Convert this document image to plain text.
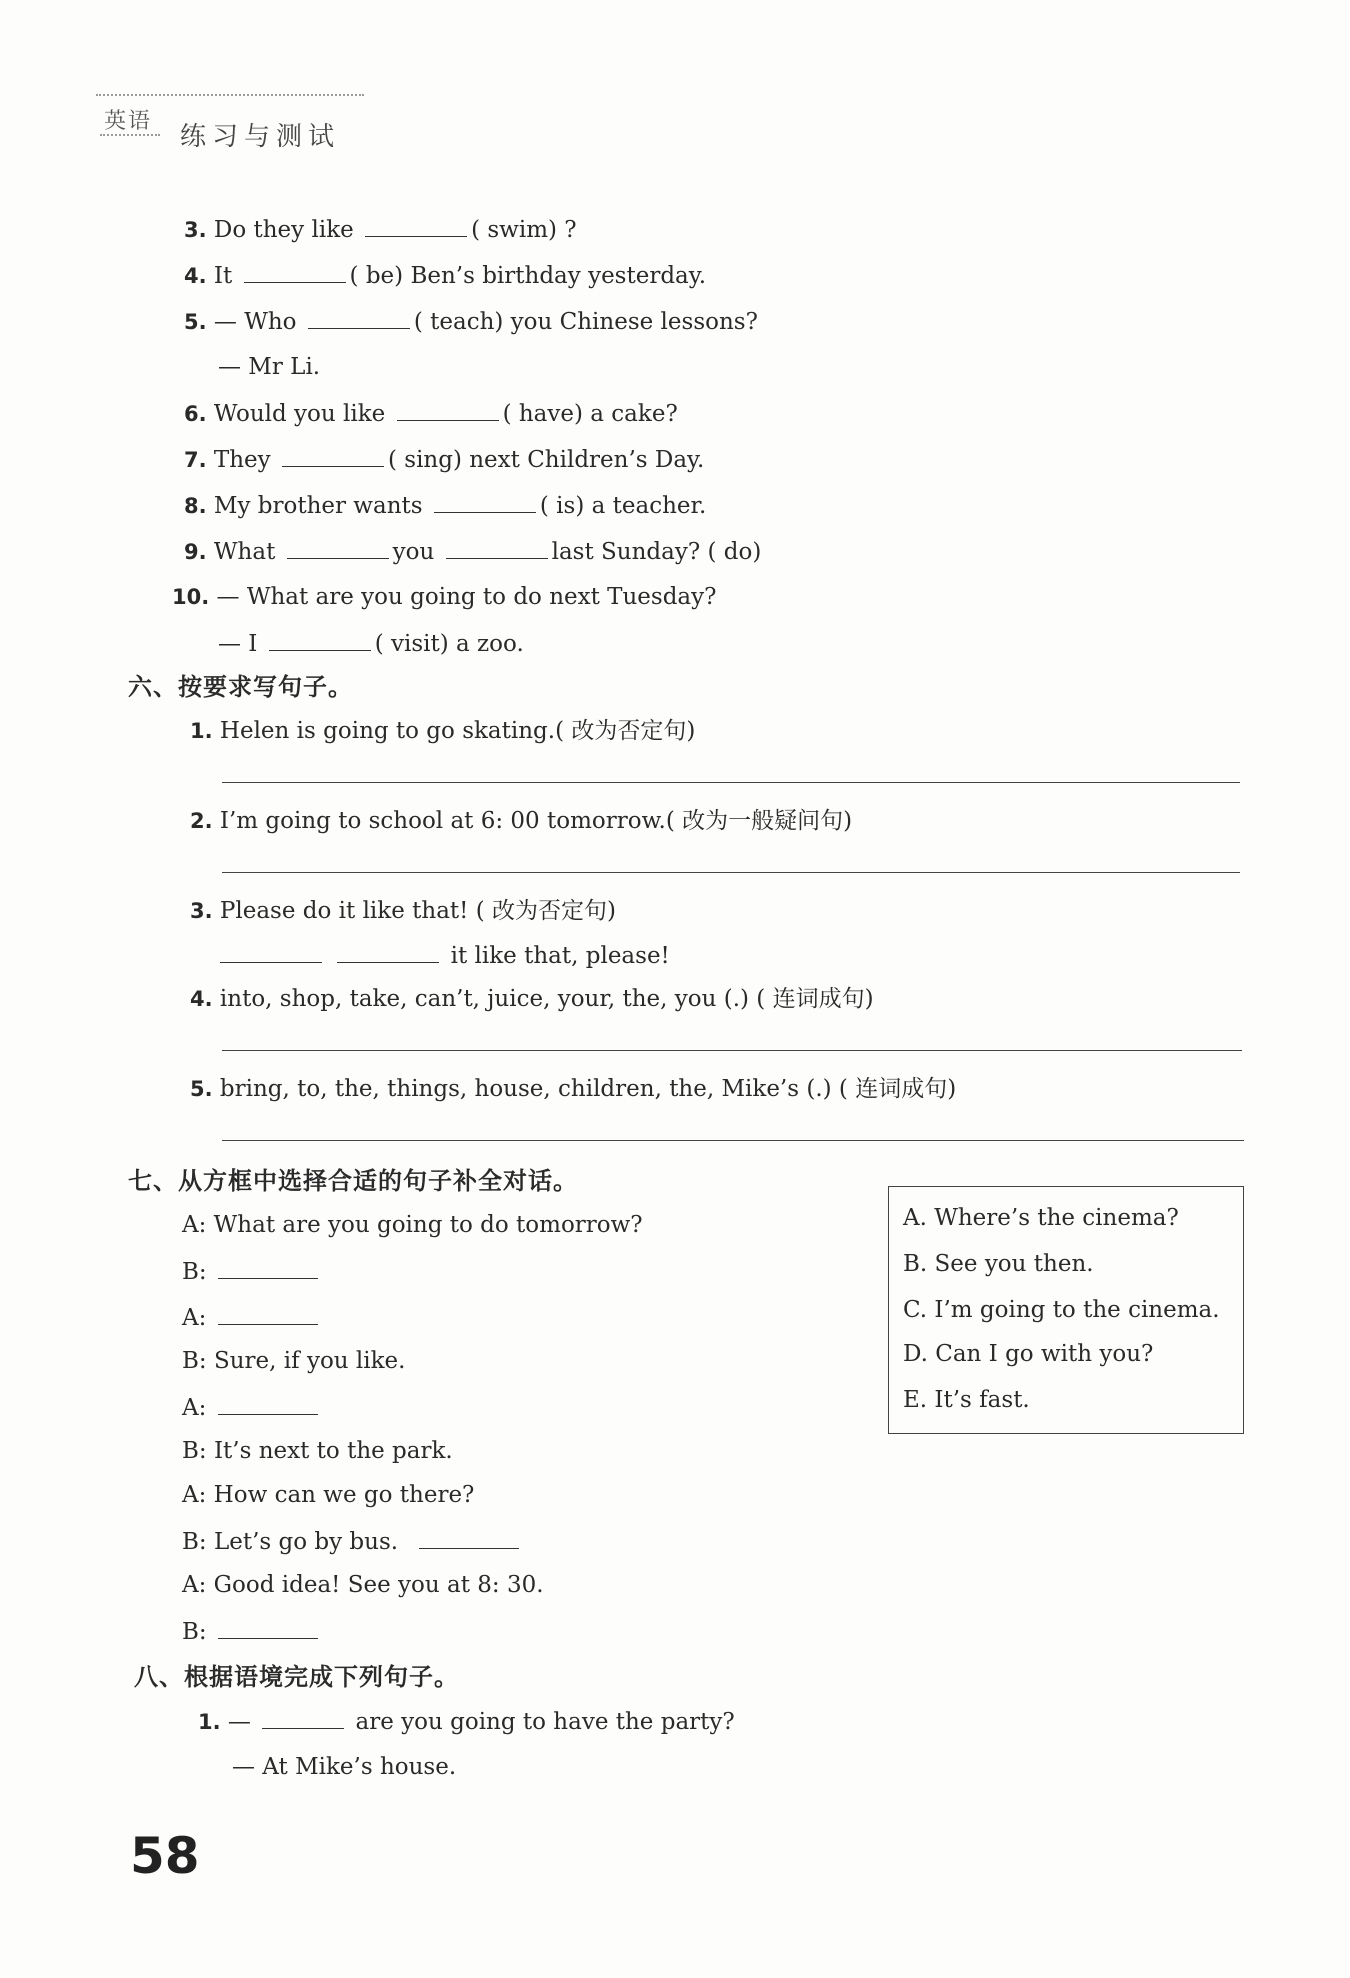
英语
练习与测试
3. Do they like	( swim) ?
4. It	( be) Ben’s birthday yesterday.
5. — Who	( teach) you Chinese lessons?
— Mr Li.
6. Would you like	( have) a cake?
7. They	( sing) next Children’s Day.
8. My brother wants	( is) a teacher.
9. What	you	last Sunday? ( do)
10. — What are you going to do next Tuesday?
— I	( visit) a zoo.
六、按要求写句子。
1. Helen is going to go skating.( 改为否定句)
2. I’m going to school at 6: 00 tomorrow.( 改为一般疑问句)
3. Please do it like that! ( 改为否定句)
it like that, please!
4. into, shop, take, can’t, juice, your, the, you (.) ( 连词成句)
5. bring, to, the, things, house, children, the, Mike’s (.) ( 连词成句)
七、从方框中选择合适的句子补全对话。
A: What are you going to do tomorrow?
B:
A:
B: Sure, if you like.
A:
B: It’s next to the park.
A: How can we go there?
B: Let’s go by bus.
A: Good idea! See you at 8: 30.
B:
A. Where’s the cinema?
B. See you then.
C. I’m going to the cinema.
D. Can I go with you?
E. It’s fast.
八、根据语境完成下列句子。
1. —	are you going to have the party?
— At Mike’s house.
58
